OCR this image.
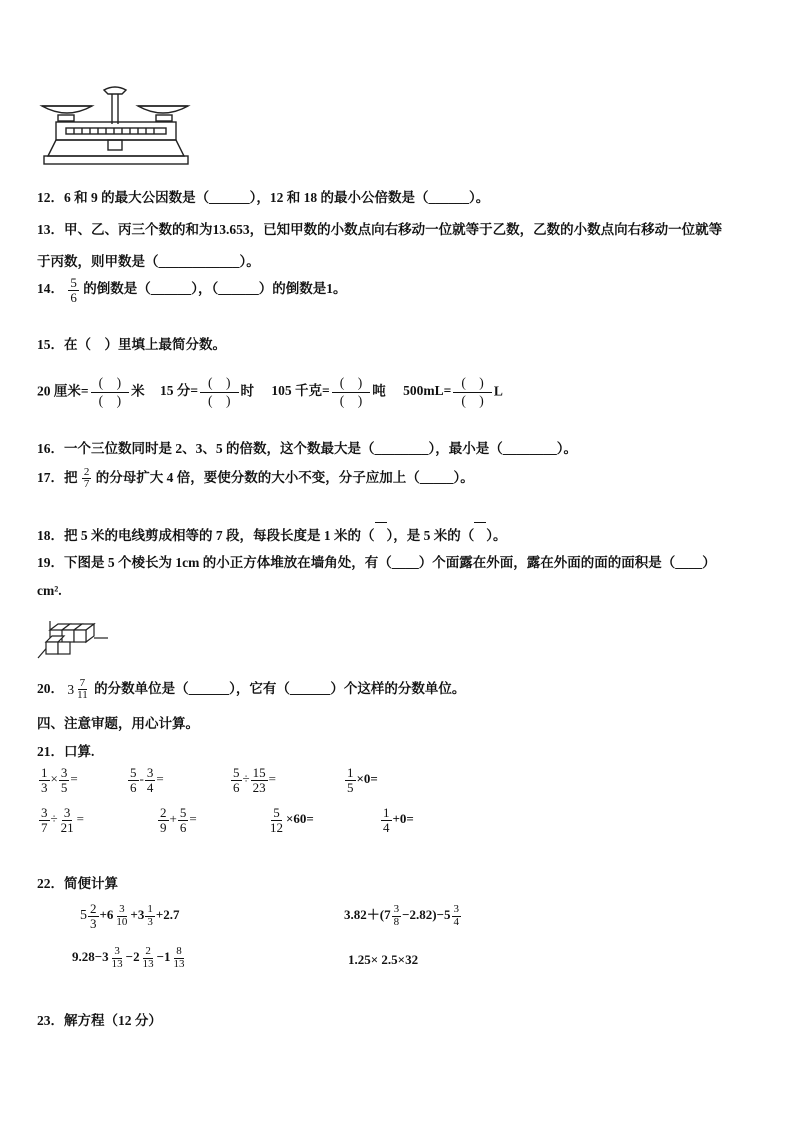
12．6 和 9 的最大公因数是（______），12 和 18 的最小公倍数是（______）。
13．甲、乙、丙三个数的和为13.653，已知甲数的小数点向右移动一位就等于乙数，乙数的小数点向右移动一位就等
于丙数，则甲数是（____________）。
14． $\frac{5}{6}$ 的倒数是（______），（______）的倒数是1。
15．在（　）里填上最简分数。
20 厘米=
(　)
(　)
米 15 分=
(　)
(　)
时 105 千克=
(　)
(　)
吨 500mL=
(　)
(　)
L
16．一个三位数同时是 2、3、5 的倍数，这个数最大是（________），最小是（________）。
17．把 $\frac{2}{7}$ 的分母扩大 4 倍，要使分数的大小不变，分子应加上（_____）。
18．把 5 米的电线剪成相等的 7 段，每段长度是 1 米的（ ），是 5 米的（ ）。
19．下图是 5 个棱长为 1cm 的小正方体堆放在墙角处，有（____）个面露在外面，露在外面的面的面积是（____）
cm².
20． $3 \frac{7}{11}$ 的分数单位是（______），它有（______）个这样的分数单位。
四、注意审题，用心计算。
21．口算.
$\frac{1}{3} \times \frac{3}{5}$ =	$\frac{5}{6} - \frac{3}{4}$ =	$\frac{5}{6} \div \frac{15}{23}$ =	$\frac{1}{5} \times 0=$
$\frac{3}{7} \div \frac{3}{21}$ =	$\frac{2}{9} + \frac{5}{6}$ =	$\frac{5}{12} \times 60=$	$\frac{1}{4} +0=$
22．简便计算
$5 \frac{2}{3} +6 \frac{3}{10} +3 \frac{1}{3} +2.7$	$3.82+(7 \frac{3}{8} -2.82)-5 \frac{3}{4}$
$9.28-3 \frac{3}{13} -2 \frac{2}{13} -1 \frac{8}{13}$	1.25× 2.5×32
23．解方程（12 分）
